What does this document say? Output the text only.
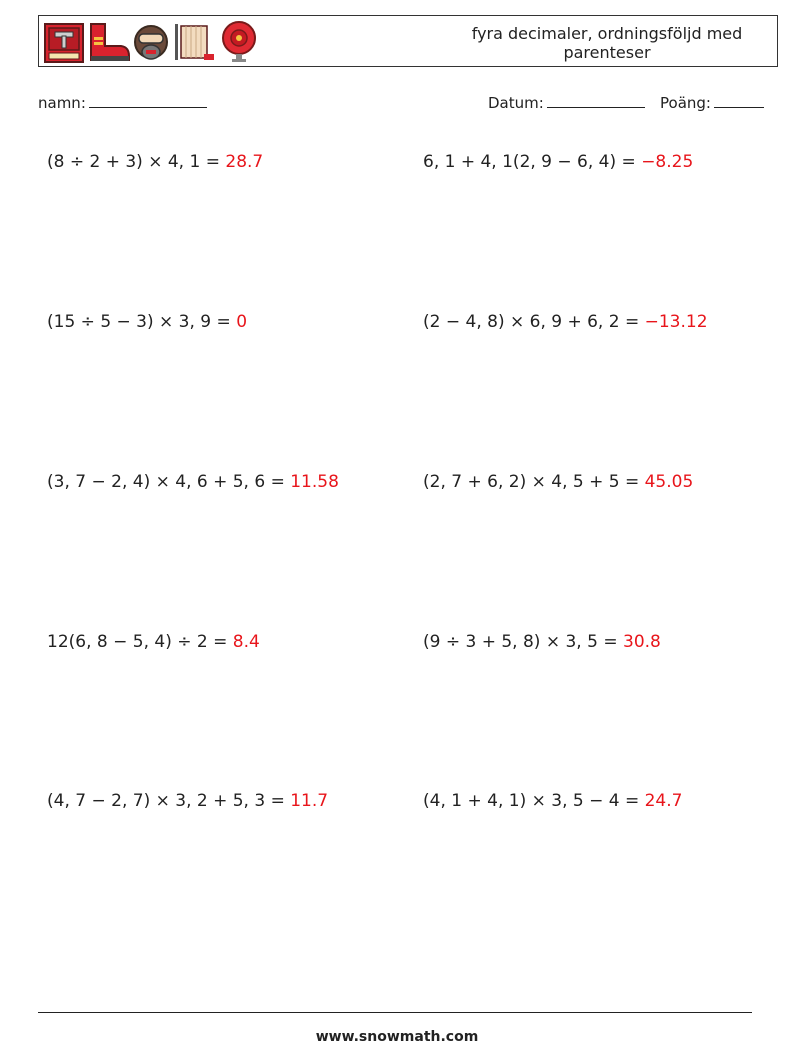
fyra decimaler, ordningsföljd med parenteser
namn:	Datum:	Poäng:
(8 ÷ 2 + 3) × 4, 1 = 28.7	6, 1 + 4, 1(2, 9 − 6, 4) = −8.25
(15 ÷ 5 − 3) × 3, 9 = 0	(2 − 4, 8) × 6, 9 + 6, 2 = −13.12
(3, 7 − 2, 4) × 4, 6 + 5, 6 = 11.58	(2, 7 + 6, 2) × 4, 5 + 5 = 45.05
12(6, 8 − 5, 4) ÷ 2 = 8.4	(9 ÷ 3 + 5, 8) × 3, 5 = 30.8
(4, 7 − 2, 7) × 3, 2 + 5, 3 = 11.7	(4, 1 + 4, 1) × 3, 5 − 4 = 24.7
www.snowmath.com
